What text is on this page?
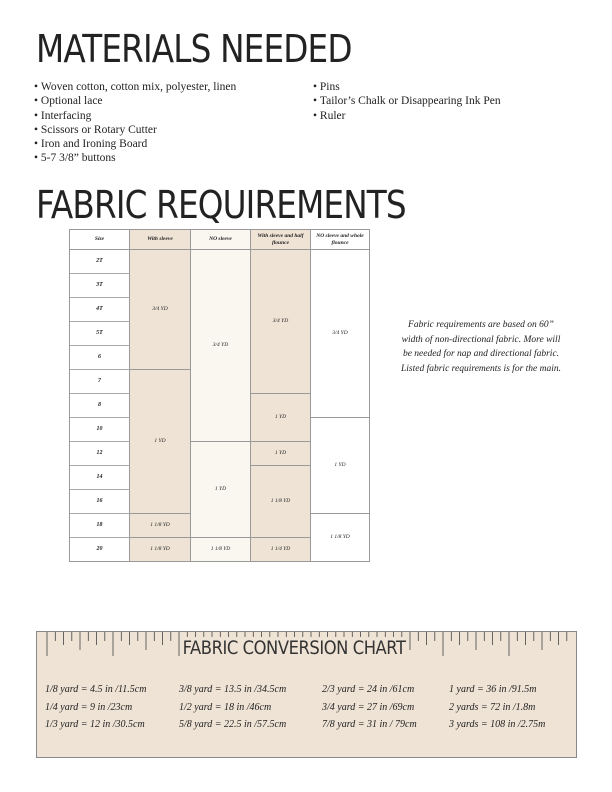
MATERIALS NEEDED
• Woven cotton, cotton mix, polyester, linen
• Optional lace
• Interfacing
• Scissors or Rotary Cutter
• Iron and Ironing Board
• 5-7 3/8” buttons
• Pins
• Tailor’s Chalk or Disappearing Ink Pen
• Ruler
FABRIC REQUIREMENTS
Size	With sleeve	NO sleeve
With sleeve and half flounce
NO sleeve and whole flounce
2T
3T
4T
5T
6
7
8
10
12
14
16
18
20
3/4 YD
1 YD
1 1/8 YD
1 1/8 YD
3/4 YD
1 YD
1 1/8 YD
3/4 YD
1 YD
1 YD
1 1/8 YD
1 1/4 YD
3/4 YD
1 YD
1 1/8 YD
Fabric requirements are based on 60” width of non-directional fabric. More will be needed for nap and directional fabric. Listed fabric requirements is for the main.
FABRIC CONVERSION CHART
1/8 yard = 4.5 in /11.5cm
1/4 yard = 9 in /23cm
1/3 yard = 12 in /30.5cm
3/8 yard = 13.5 in /34.5cm
1/2 yard = 18 in /46cm
5/8 yard = 22.5 in /57.5cm
2/3 yard = 24 in /61cm
3/4 yard = 27 in /69cm
7/8 yard = 31 in / 79cm
1 yard = 36 in /91.5m
2 yards = 72 in /1.8m
3 yards = 108 in /2.75m
